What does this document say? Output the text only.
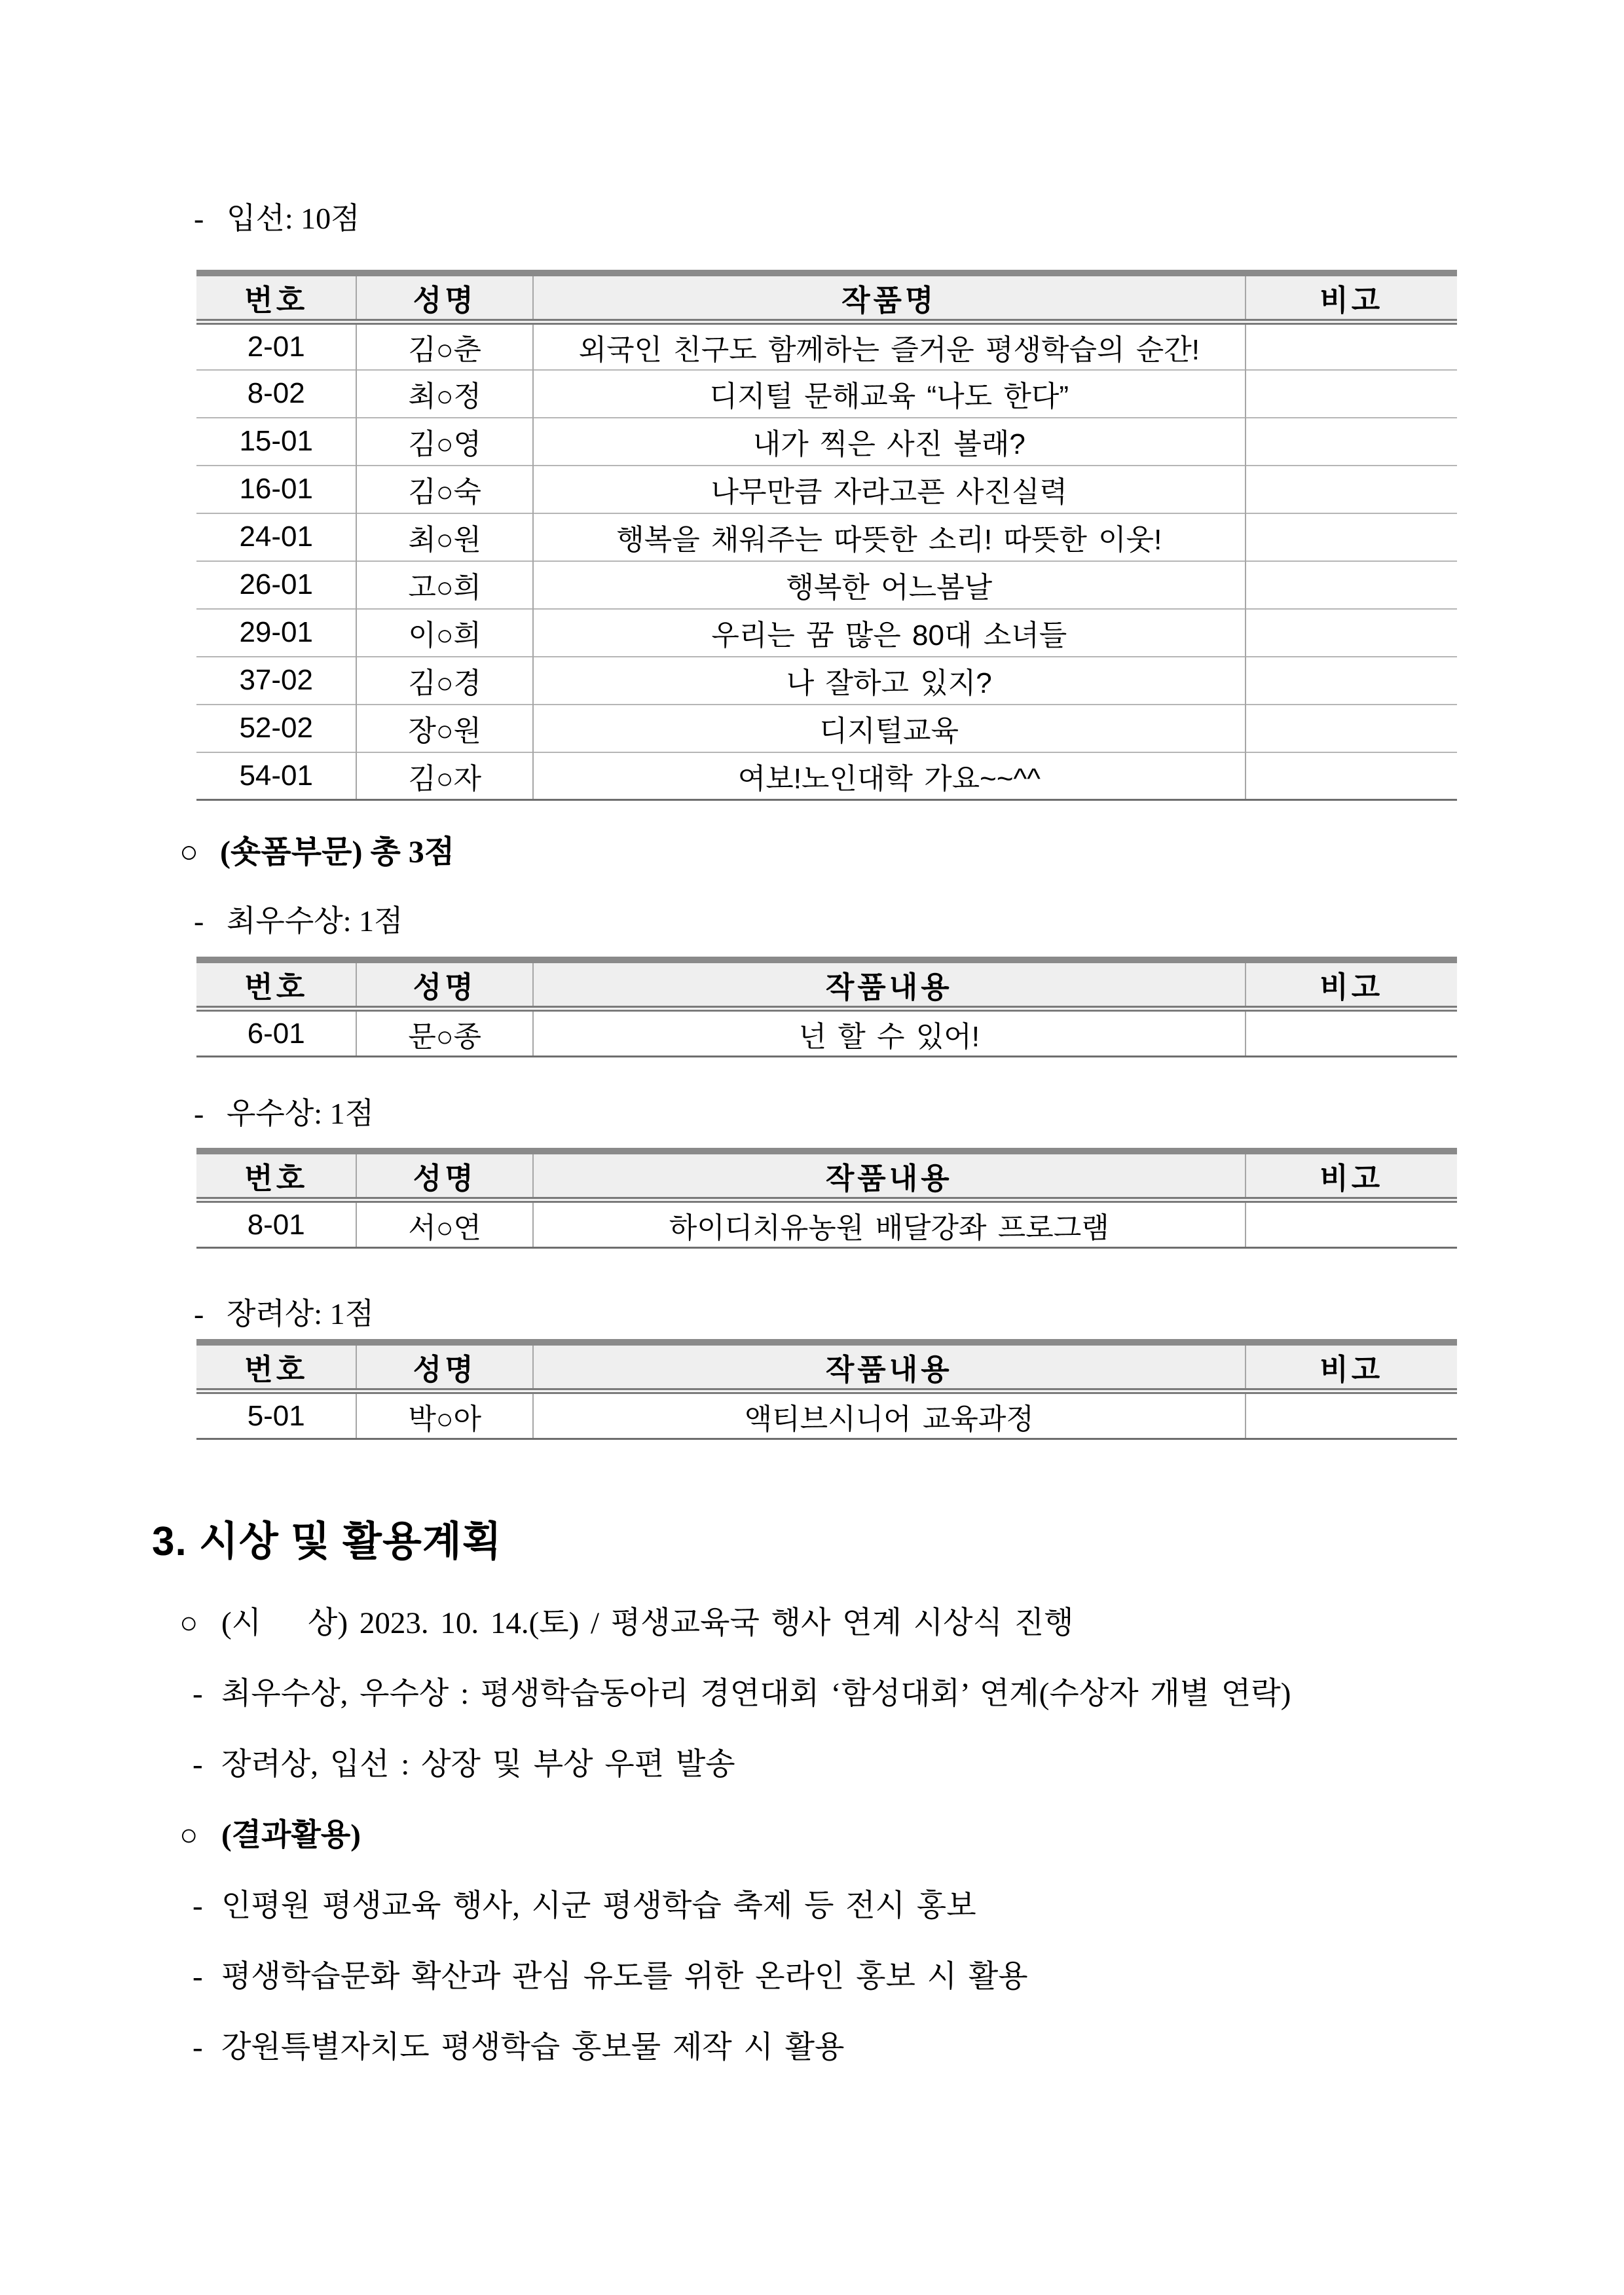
- 입선: 10점
번호	성명	작품명	비고
2-01	김○춘	외국인 친구도 함께하는 즐거운 평생학습의 순간!	
8-02	최○정	디지털 문해교육 “나도 한다”	
15-01	김○영	내가 찍은 사진 볼래?	
16-01	김○숙	나무만큼 자라고픈 사진실력	
24-01	최○원	행복을 채워주는 따뜻한 소리! 따뜻한 이웃!	
26-01	고○희	행복한 어느봄날	
29-01	이○희	우리는 꿈 많은 80대 소녀들	
37-02	김○경	나 잘하고 있지?	
52-02	장○원	디지털교육	
54-01	김○자	여보!노인대학 가요~~^^	
○ (숏폼부문) 총 3점
- 최우수상: 1점
번호	성명	작품내용	비고
6-01	문○종	넌 할 수 있어!	
- 우수상: 1점
번호	성명	작품내용	비고
8-01	서○연	하이디치유농원 배달강좌 프로그램	
- 장려상: 1점
번호	성명	작품내용	비고
5-01	박○아	액티브시니어 교육과정	
3. 시상 및 활용계획
○ (시    상) 2023. 10. 14.(토) / 평생교육국 행사 연계 시상식 진행
- 최우수상, 우수상 : 평생학습동아리 경연대회 ‘함성대회’ 연계(수상자 개별 연락)
- 장려상, 입선 : 상장 및 부상 우편 발송
○ (결과활용)
- 인평원 평생교육 행사, 시군 평생학습 축제 등 전시 홍보
- 평생학습문화 확산과 관심 유도를 위한 온라인 홍보 시 활용
- 강원특별자치도 평생학습 홍보물 제작 시 활용
